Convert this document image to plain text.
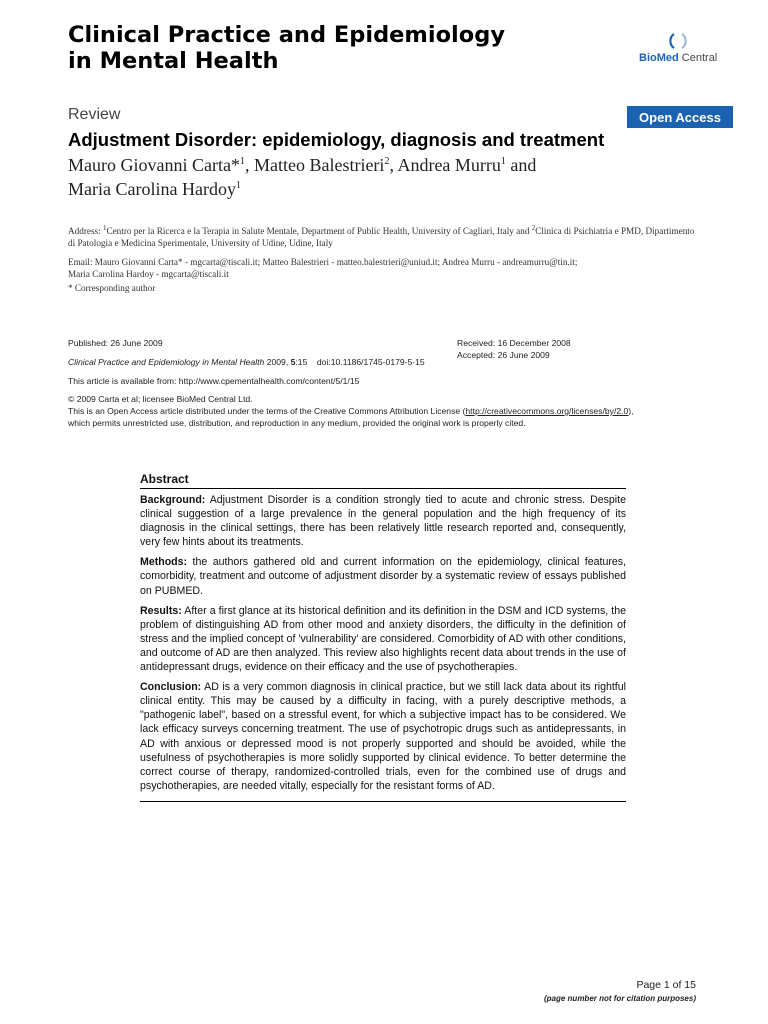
Clinical Practice and Epidemiology
in Mental Health	BioMed Central
Review	Open Access
Adjustment Disorder: epidemiology, diagnosis and treatment
Mauro Giovanni Carta*$^1$, Matteo Balestrieri$^2$, Andrea Murru$^1$ and
Maria Carolina Hardoy$^1$
Address: $^1$Centro per la Ricerca e la Terapia in Salute Mentale, Department of Public Health, University of Cagliari, Italy and $^2$Clinica di Psichiatria e PMD, Dipartimento di Patologia e Medicina Sperimentale, University of Udine, Udine, Italy
Email: Mauro Giovanni Carta* - mgcarta@tiscali.it; Matteo Balestrieri - matteo.balestrieri@uniud.it; Andrea Murru - andreamurru@tin.it;
Maria Carolina Hardoy - mgcarta@tiscali.it
* Corresponding author
Published: 26 June 2009
Clinical Practice and Epidemiology in Mental Health 2009, 5:15    doi:10.1186/1745-0179-5-15
Received: 16 December 2008
Accepted: 26 June 2009
This article is available from: http://www.cpementalhealth.com/content/5/1/15
© 2009 Carta et al; licensee BioMed Central Ltd.
This is an Open Access article distributed under the terms of the Creative Commons Attribution License (http://creativecommons.org/licenses/by/2.0),
which permits unrestricted use, distribution, and reproduction in any medium, provided the original work is properly cited.
Abstract

Background: Adjustment Disorder is a condition strongly tied to acute and chronic stress. Despite clinical suggestion of a large prevalence in the general population and the high frequency of its diagnosis in the clinical settings, there has been relatively little research reported and, consequently, very few hints about its treatments.

Methods: the authors gathered old and current information on the epidemiology, clinical features, comorbidity, treatment and outcome of adjustment disorder by a systematic review of essays published on PUBMED.

Results: After a first glance at its historical definition and its definition in the DSM and ICD systems, the problem of distinguishing AD from other mood and anxiety disorders, the difficulty in the definition of stress and the implied concept of 'vulnerability' are considered. Comorbidity of AD with other conditions, and outcome of AD are then analyzed. This review also highlights recent data about trends in the use of antidepressant drugs, evidence on their efficacy and the use of psychotherapies.

Conclusion: AD is a very common diagnosis in clinical practice, but we still lack data about its rightful clinical entity. This may be caused by a difficulty in facing, with a purely descriptive methods, a "pathogenic label", based on a stressful event, for which a subjective impact has to be considered. We lack efficacy surveys concerning treatment. The use of psychotropic drugs such as antidepressants, in AD with anxious or depressed mood is not properly supported and should be avoided, while the usefulness of psychotherapies is more solidly supported by clinical evidence. To better determine the correct course of therapy, randomized-controlled trials, even for the combined use of drugs and psychotherapies, are needed vitally, especially for the resistant forms of AD.

Page 1 of 15
(page number not for citation purposes)
